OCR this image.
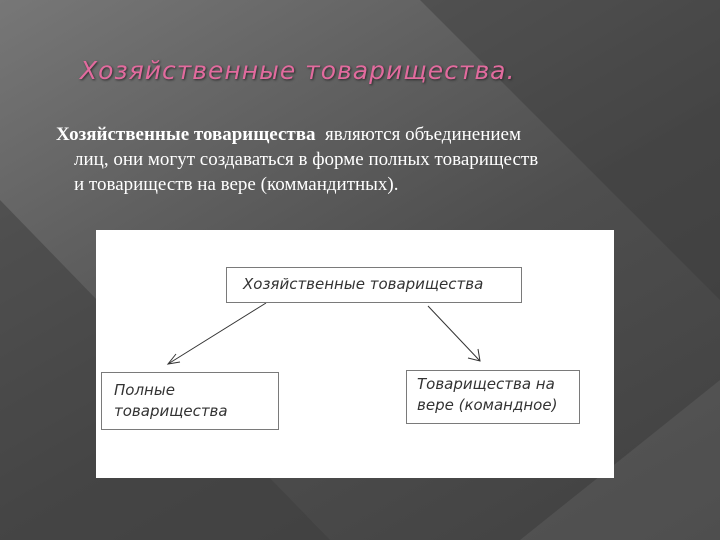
Хозяйственные товарищества.
Хозяйственные товарищества  являются объединением
лиц, они могут создаваться в форме полных товариществ
и товариществ на вере (коммандитных).
Хозяйственные товарищества
Полные
товарищества
Товарищества на
вере (командное)
